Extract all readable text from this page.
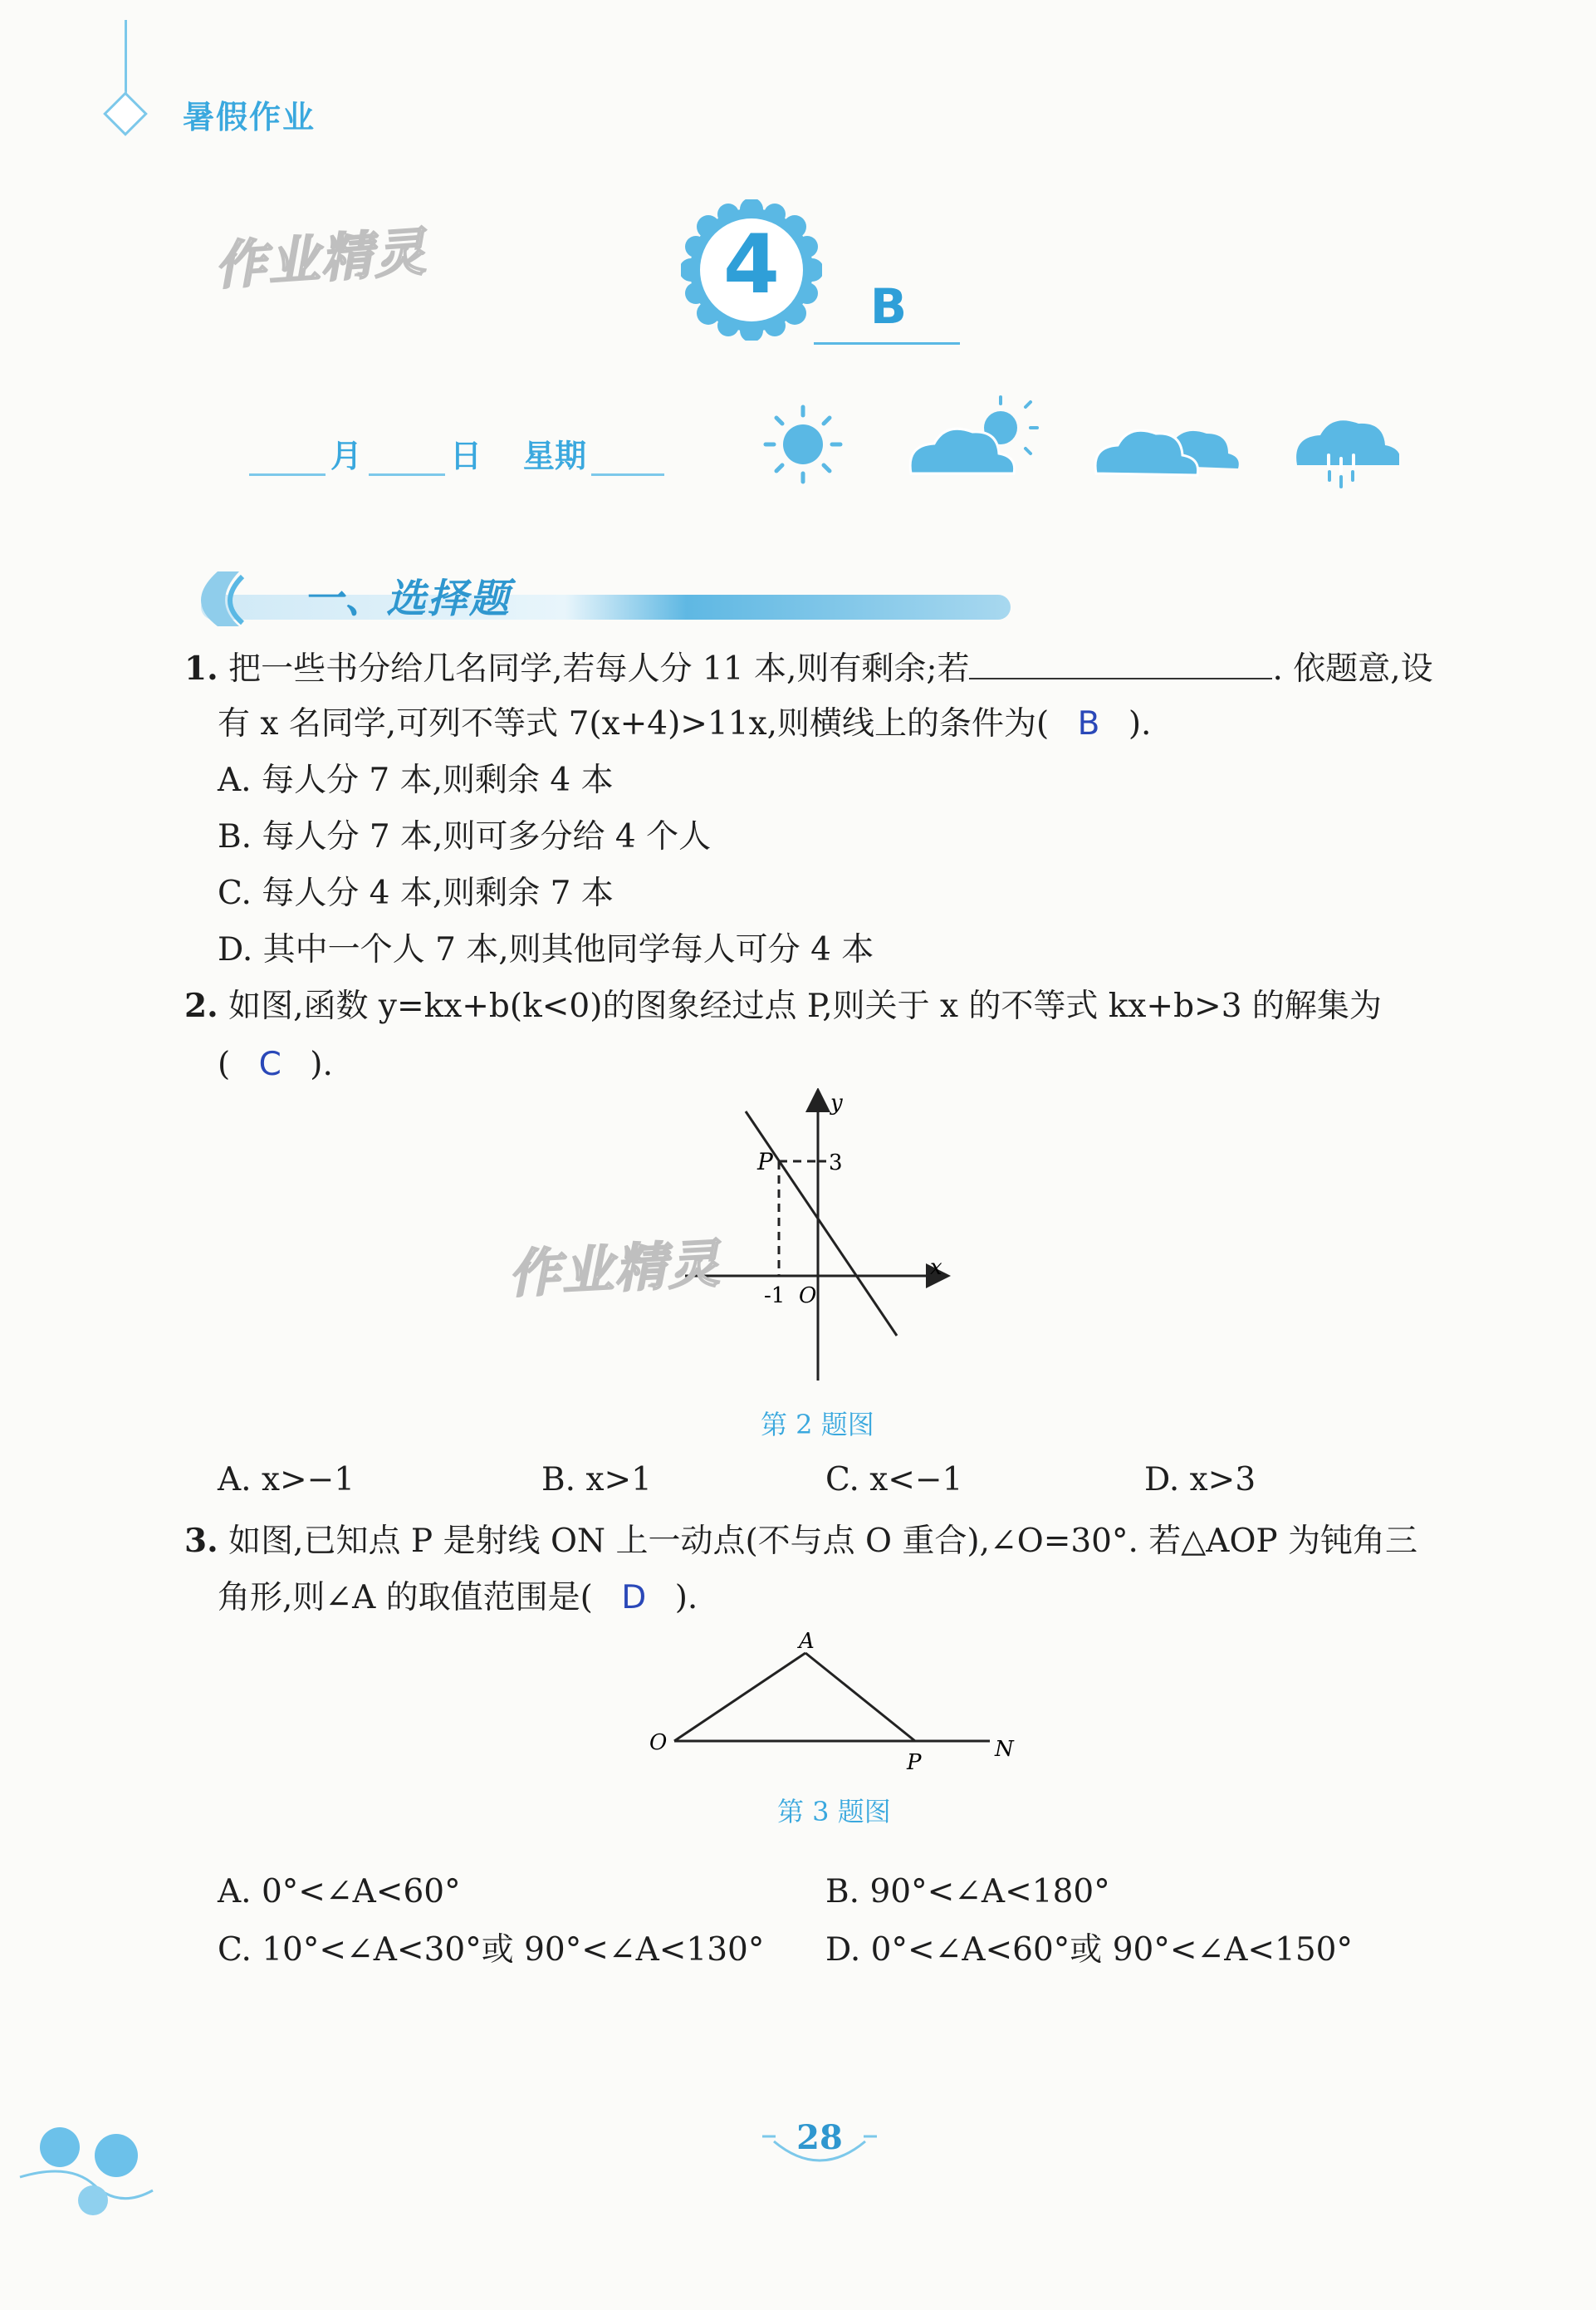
暑假作业
作业精灵	4	B
月	日 星期
一、选择题
1. 把一些书分给几名同学,若每人分 11 本,则有剩余;若	. 依题意,设
有 x 名同学,可列不等式 7(x+4)>11x,则横线上的条件为( B ).
A. 每人分 7 本,则剩余 4 本
B. 每人分 7 本,则可多分给 4 个人
C. 每人分 4 本,则剩余 7 本
D. 其中一个人 7 本,则其他同学每人可分 4 本
2. 如图,函数 y=kx+b(k<0)的图象经过点 P,则关于 x 的不等式 kx+b>3 的解集为
( C ).
y
x
P	3
-1 O
作业精灵
第 2 题图
A. x>−1	B. x>1	C. x<−1	D. x>3
3. 如图,已知点 P 是射线 ON 上一动点(不与点 O 重合),∠O=30°. 若△AOP 为钝角三
角形,则∠A 的取值范围是( D ).
A
O
P
N
第 3 题图
A. 0°<∠A<60°	B. 90°<∠A<180°
C. 10°<∠A<30°或 90°<∠A<130° D. 0°<∠A<60°或 90°<∠A<150°
28
